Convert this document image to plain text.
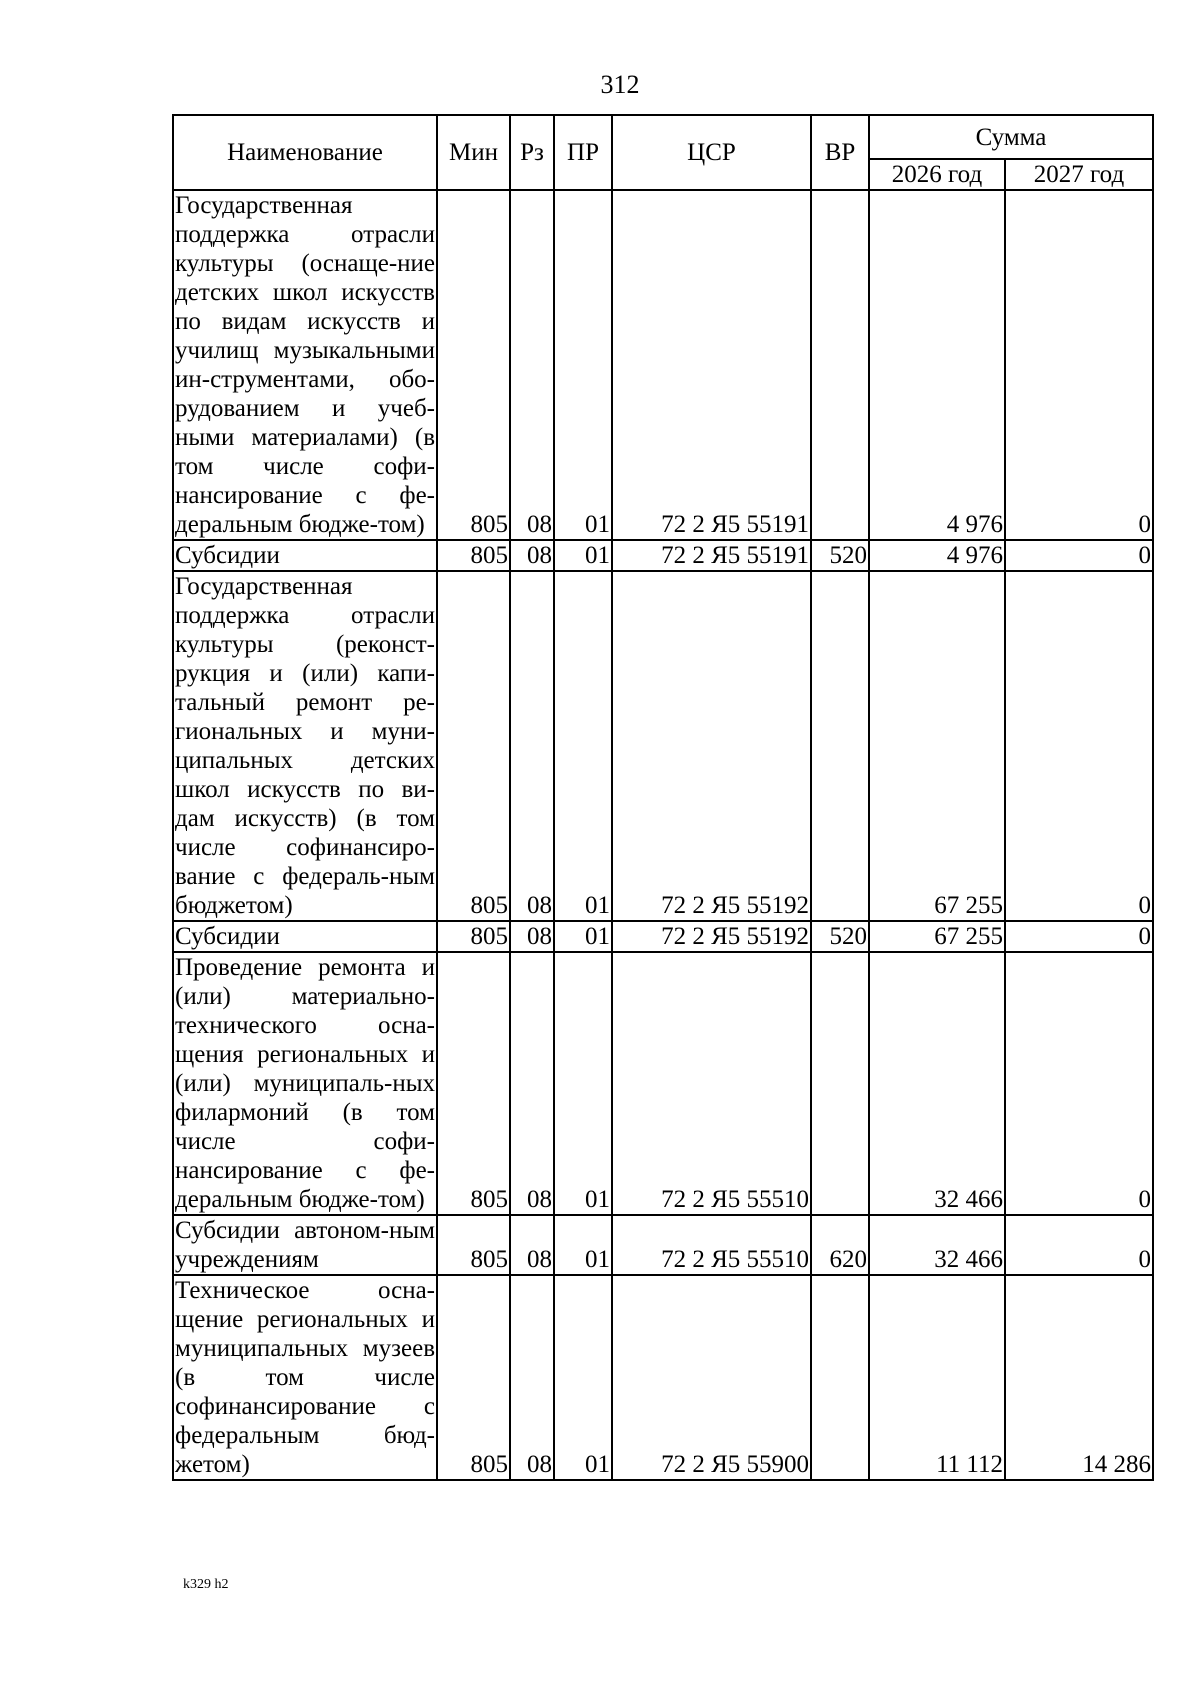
312
Наименование	Мин	Рз	ПР	ЦСР	ВР	Сумма	
						2026 год	2027 год
Государственная поддержка отрасли культуры (оснаще-ние детских школ искусств по видам искусств и училищ музыкальными ин-струментами, обо-рудованием и учеб-ными материалами) (в том числе софи-нансирование с фе-деральным бюдже-том)	805	08	01	72 2 Я5 55191		4 976	0
Субсидии	805	08	01	72 2 Я5 55191	520	4 976	0
Государственная поддержка отрасли культуры (реконст-рукция и (или) капи-тальный ремонт ре-гиональных и муни-ципальных детских школ искусств по ви-дам искусств) (в том числе софинансиро-вание с федераль-ным бюджетом)	805	08	01	72 2 Я5 55192		67 255	0
Субсидии	805	08	01	72 2 Я5 55192	520	67 255	0
Проведение ремонта и (или) материально-технического осна-щения региональных и (или) муниципаль-ных филармоний (в том числе софи-нансирование с фе-деральным бюдже-том)	805	08	01	72 2 Я5 55510		32 466	0
Субсидии автоном-ным учреждениям	805	08	01	72 2 Я5 55510	620	32 466	0
Техническое осна-щение региональных и муниципальных музеев (в том числе софинансирование с федеральным бюд-жетом)	805	08	01	72 2 Я5 55900		11 112	14 286
k329 h2
